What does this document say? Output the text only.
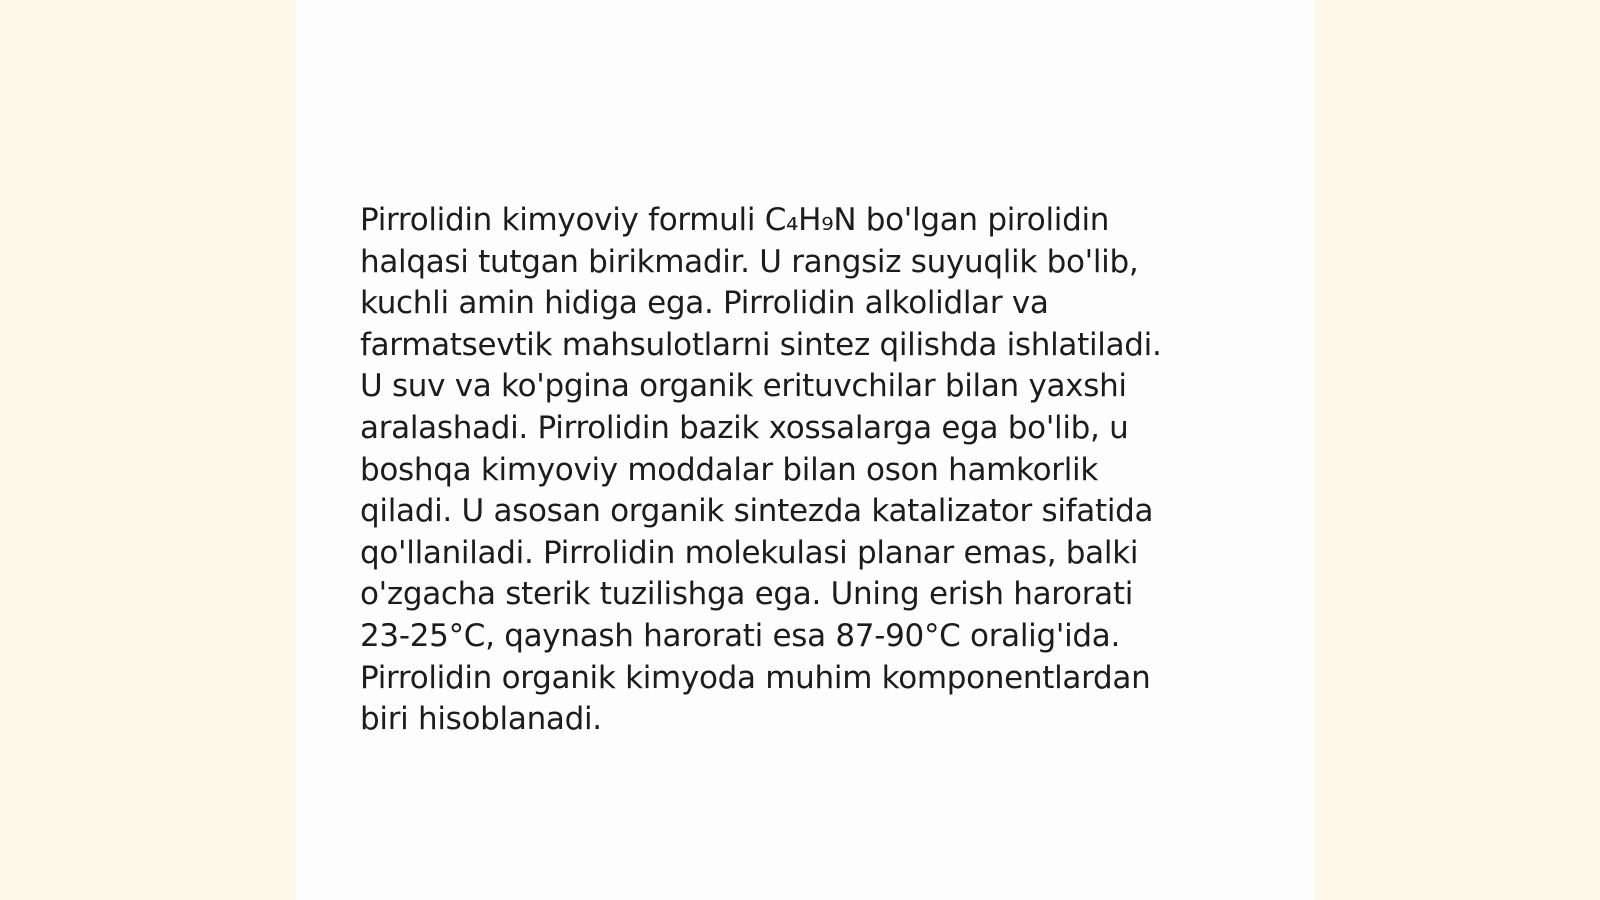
Pirrolidin kimyoviy formuli C₄H₉N bo'lgan pirolidin
halqasi tutgan birikmadir. U rangsiz suyuqlik bo'lib,
kuchli amin hidiga ega. Pirrolidin alkolidlar va
farmatsevtik mahsulotlarni sintez qilishda ishlatiladi.
U suv va ko'pgina organik erituvchilar bilan yaxshi
aralashadi. Pirrolidin bazik xossalarga ega bo'lib, u
boshqa kimyoviy moddalar bilan oson hamkorlik
qiladi. U asosan organik sintezda katalizator sifatida
qo'llaniladi. Pirrolidin molekulasi planar emas, balki
o'zgacha sterik tuzilishga ega. Uning erish harorati
23-25°C, qaynash harorati esa 87-90°C oralig'ida.
Pirrolidin organik kimyoda muhim komponentlardan
biri hisoblanadi.
